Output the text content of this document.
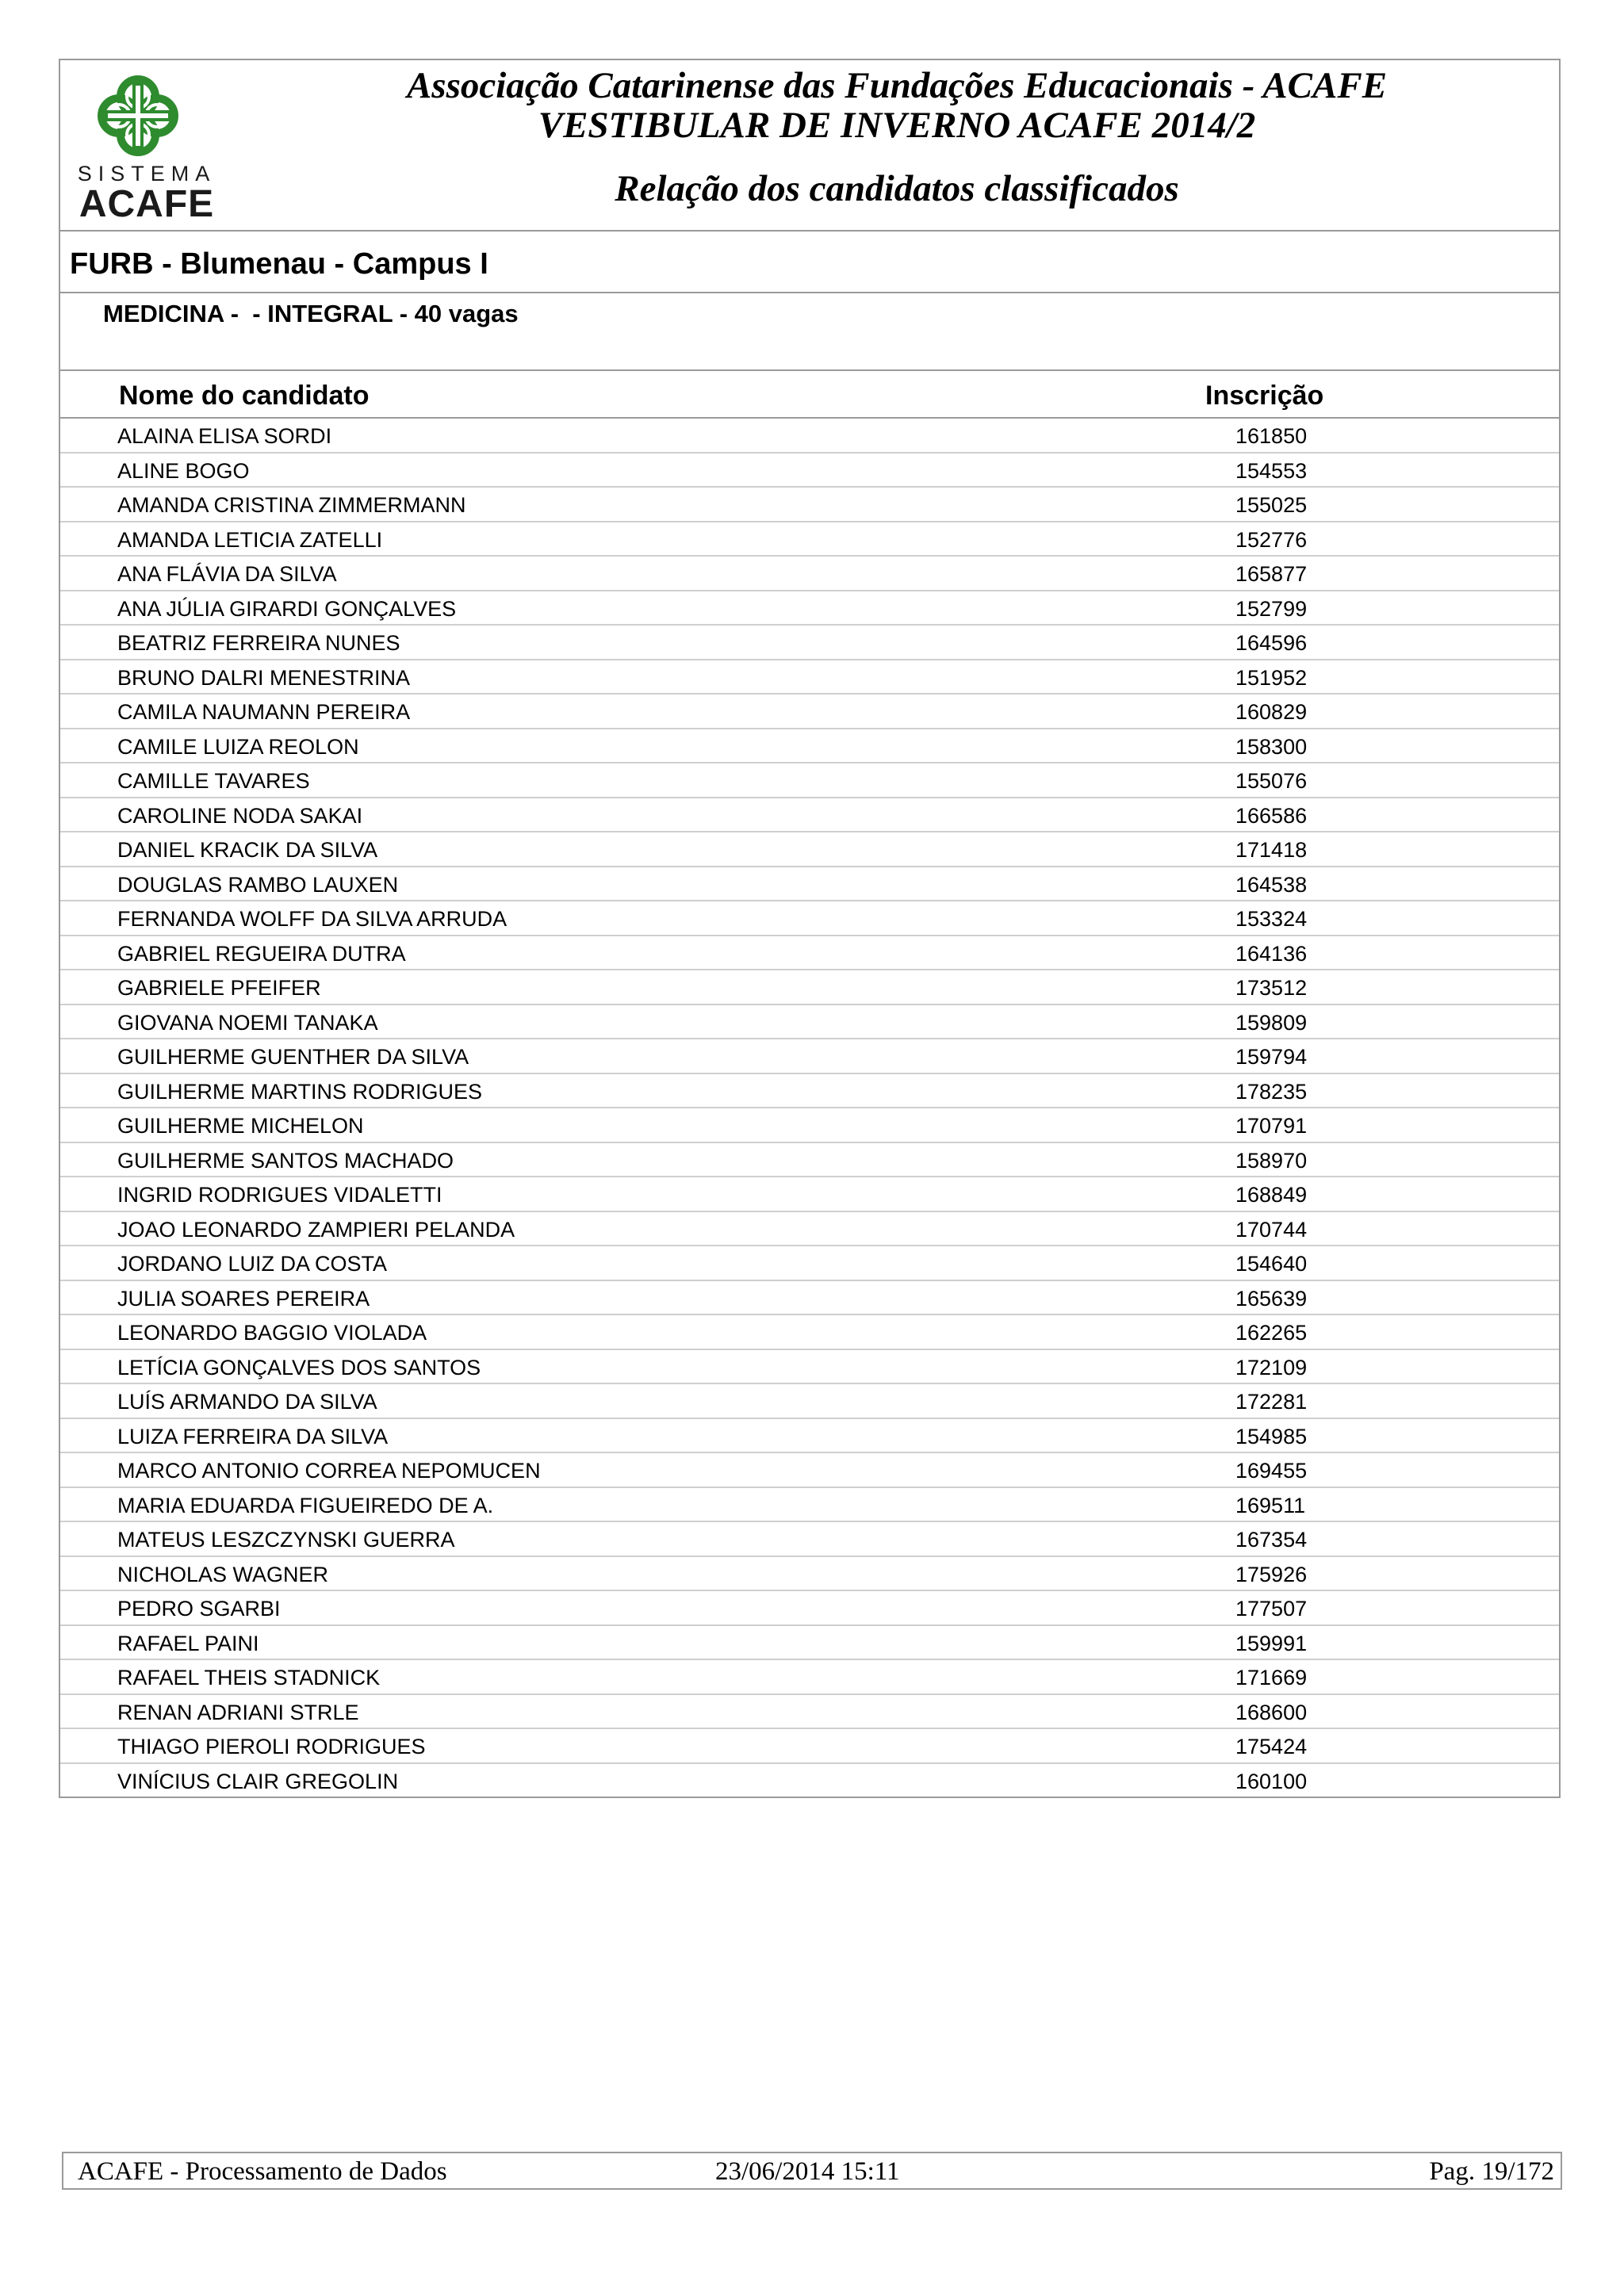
SISTEMA
ACAFE
Associação Catarinense das Fundações Educacionais - ACAFE
VESTIBULAR DE INVERNO ACAFE 2014/2
Relação dos candidatos classificados
FURB - Blumenau - Campus I
MEDICINA -  - INTEGRAL - 40 vagas
Nome do candidato	Inscrição
ALAINA ELISA SORDI	161850
ALINE BOGO	154553
AMANDA CRISTINA ZIMMERMANN	155025
AMANDA LETICIA ZATELLI	152776
ANA FLÁVIA DA SILVA	165877
ANA JÚLIA GIRARDI GONÇALVES	152799
BEATRIZ FERREIRA NUNES	164596
BRUNO DALRI MENESTRINA	151952
CAMILA NAUMANN PEREIRA	160829
CAMILE LUIZA REOLON	158300
CAMILLE TAVARES	155076
CAROLINE NODA SAKAI	166586
DANIEL KRACIK DA SILVA	171418
DOUGLAS RAMBO LAUXEN	164538
FERNANDA WOLFF DA SILVA ARRUDA	153324
GABRIEL REGUEIRA DUTRA	164136
GABRIELE PFEIFER	173512
GIOVANA NOEMI TANAKA	159809
GUILHERME GUENTHER DA SILVA	159794
GUILHERME MARTINS RODRIGUES	178235
GUILHERME MICHELON	170791
GUILHERME SANTOS MACHADO	158970
INGRID RODRIGUES VIDALETTI	168849
JOAO LEONARDO ZAMPIERI PELANDA	170744
JORDANO LUIZ DA COSTA	154640
JULIA SOARES PEREIRA	165639
LEONARDO BAGGIO VIOLADA	162265
LETÍCIA GONÇALVES DOS SANTOS	172109
LUÍS ARMANDO DA SILVA	172281
LUIZA FERREIRA DA SILVA	154985
MARCO ANTONIO CORREA NEPOMUCEN	169455
MARIA EDUARDA FIGUEIREDO DE A.	169511
MATEUS LESZCZYNSKI GUERRA	167354
NICHOLAS WAGNER	175926
PEDRO SGARBI	177507
RAFAEL PAINI	159991
RAFAEL THEIS STADNICK	171669
RENAN ADRIANI STRLE	168600
THIAGO PIEROLI RODRIGUES	175424
VINÍCIUS CLAIR GREGOLIN	160100
ACAFE - Processamento de Dados	23/06/2014 15:11	Pag. 19/172
